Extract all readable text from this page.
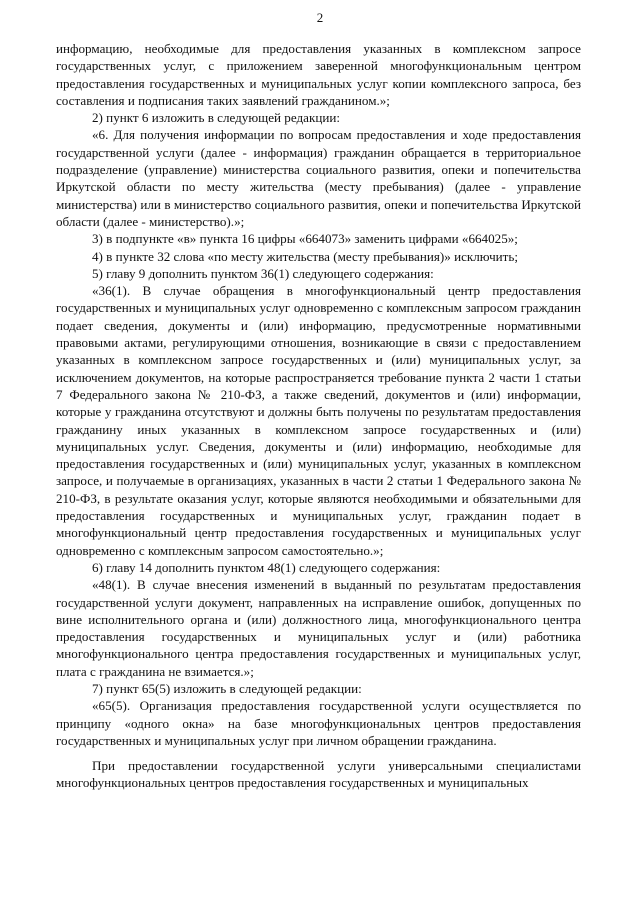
2

информацию, необходимые для предоставления указанных в комплексном запросе государственных услуг, с приложением заверенной многофункциональным центром предоставления государственных и муниципальных услуг копии комплексного запроса, без составления и подписания таких заявлений гражданином.»;

2) пункт 6 изложить в следующей редакции:

«6. Для получения информации по вопросам предоставления и ходе предоставления государственной услуги (далее - информация) гражданин обращается в территориальное подразделение (управление) министерства социального развития, опеки и попечительства Иркутской области по месту жительства (месту пребывания) (далее - управление министерства) или в министерство социального развития, опеки и попечительства Иркутской области (далее - министерство).»;

3) в подпункте «в» пункта 16 цифры «664073» заменить цифрами «664025»;

4) в пункте 32 слова «по месту жительства (месту пребывания)» исключить;

5) главу 9 дополнить пунктом 36(1) следующего содержания:

«36(1). В случае обращения в многофункциональный центр предоставления государственных и муниципальных услуг одновременно с комплексным запросом гражданин подает сведения, документы и (или) информацию, предусмотренные нормативными правовыми актами, регулирующими отношения, возникающие в связи с предоставлением указанных в комплексном запросе государственных и (или) муниципальных услуг, за исключением документов, на которые распространяется требование пункта 2 части 1 статьи 7 Федерального закона № 210-ФЗ, а также сведений, документов и (или) информации, которые у гражданина отсутствуют и должны быть получены по результатам предоставления гражданину иных указанных в комплексном запросе государственных и (или) муниципальных услуг. Сведения, документы и (или) информацию, необходимые для предоставления государственных и (или) муниципальных услуг, указанных в комплексном запросе, и получаемые в организациях, указанных в части 2 статьи 1 Федерального закона № 210-ФЗ, в результате оказания услуг, которые являются необходимыми и обязательными для предоставления государственных и муниципальных услуг, гражданин подает в многофункциональный центр предоставления государственных и муниципальных услуг одновременно с комплексным запросом самостоятельно.»;

6) главу 14 дополнить пунктом 48(1) следующего содержания:

«48(1). В случае внесения изменений в выданный по результатам предоставления государственной услуги документ, направленных на исправление ошибок, допущенных по вине исполнительного органа и (или) должностного лица, многофункционального центра предоставления государственных и муниципальных услуг и (или) работника многофункционального центра предоставления государственных и муниципальных услуг, плата с гражданина не взимается.»;

7) пункт 65(5) изложить в следующей редакции:

«65(5). Организация предоставления государственной услуги осуществляется по принципу «одного окна» на базе многофункциональных центров предоставления государственных и муниципальных услуг при личном обращении гражданина.

При предоставлении государственной услуги универсальными специалистами многофункциональных центров предоставления государственных и муниципальных
